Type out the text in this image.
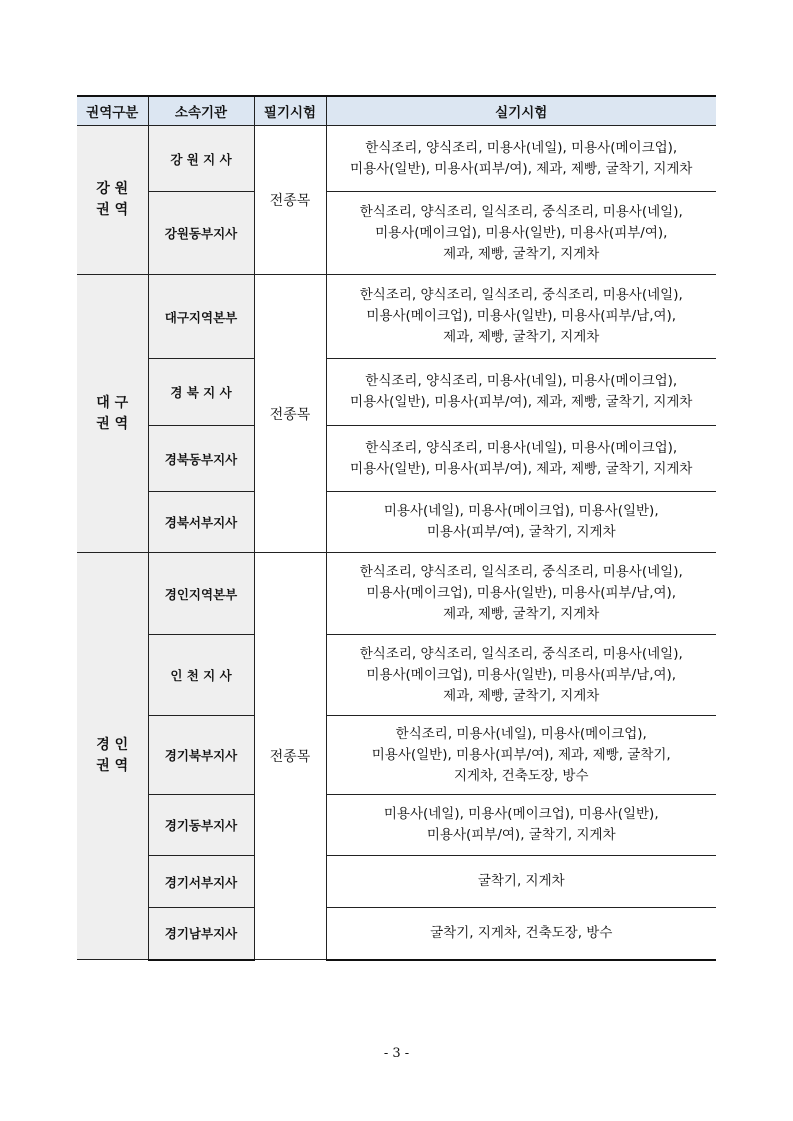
권역구분	소속기관	필기시험	실기시험

강 원
권 역	강 원 지 사	전종목	한식조리, 양식조리, 미용사(네일), 미용사(메이크업),
미용사(일반), 미용사(피부/여), 제과, 제빵, 굴착기, 지게차

	강원동부지사		한식조리, 양식조리, 일식조리, 중식조리, 미용사(네일),
미용사(메이크업), 미용사(일반), 미용사(피부/여),
제과, 제빵, 굴착기, 지게차

대 구
권 역	대구지역본부	전종목	한식조리, 양식조리, 일식조리, 중식조리, 미용사(네일),
미용사(메이크업), 미용사(일반), 미용사(피부/남,여),
제과, 제빵, 굴착기, 지게차

	경 북 지 사		한식조리, 양식조리, 미용사(네일), 미용사(메이크업),
미용사(일반), 미용사(피부/여), 제과, 제빵, 굴착기, 지게차

	경북동부지사		한식조리, 양식조리, 미용사(네일), 미용사(메이크업),
미용사(일반), 미용사(피부/여), 제과, 제빵, 굴착기, 지게차

	경북서부지사		미용사(네일), 미용사(메이크업), 미용사(일반),
미용사(피부/여), 굴착기, 지게차

경 인
권 역	경인지역본부	전종목	한식조리, 양식조리, 일식조리, 중식조리, 미용사(네일),
미용사(메이크업), 미용사(일반), 미용사(피부/남,여),
제과, 제빵, 굴착기, 지게차

	인 천 지 사		한식조리, 양식조리, 일식조리, 중식조리, 미용사(네일),
미용사(메이크업), 미용사(일반), 미용사(피부/남,여),
제과, 제빵, 굴착기, 지게차

	경기북부지사		한식조리, 미용사(네일), 미용사(메이크업),
미용사(일반), 미용사(피부/여), 제과, 제빵, 굴착기,
지게차, 건축도장, 방수

	경기동부지사		미용사(네일), 미용사(메이크업), 미용사(일반),
미용사(피부/여), 굴착기, 지게차

	경기서부지사		굴착기, 지게차

	경기남부지사		굴착기, 지게차, 건축도장, 방수
- 3 -
